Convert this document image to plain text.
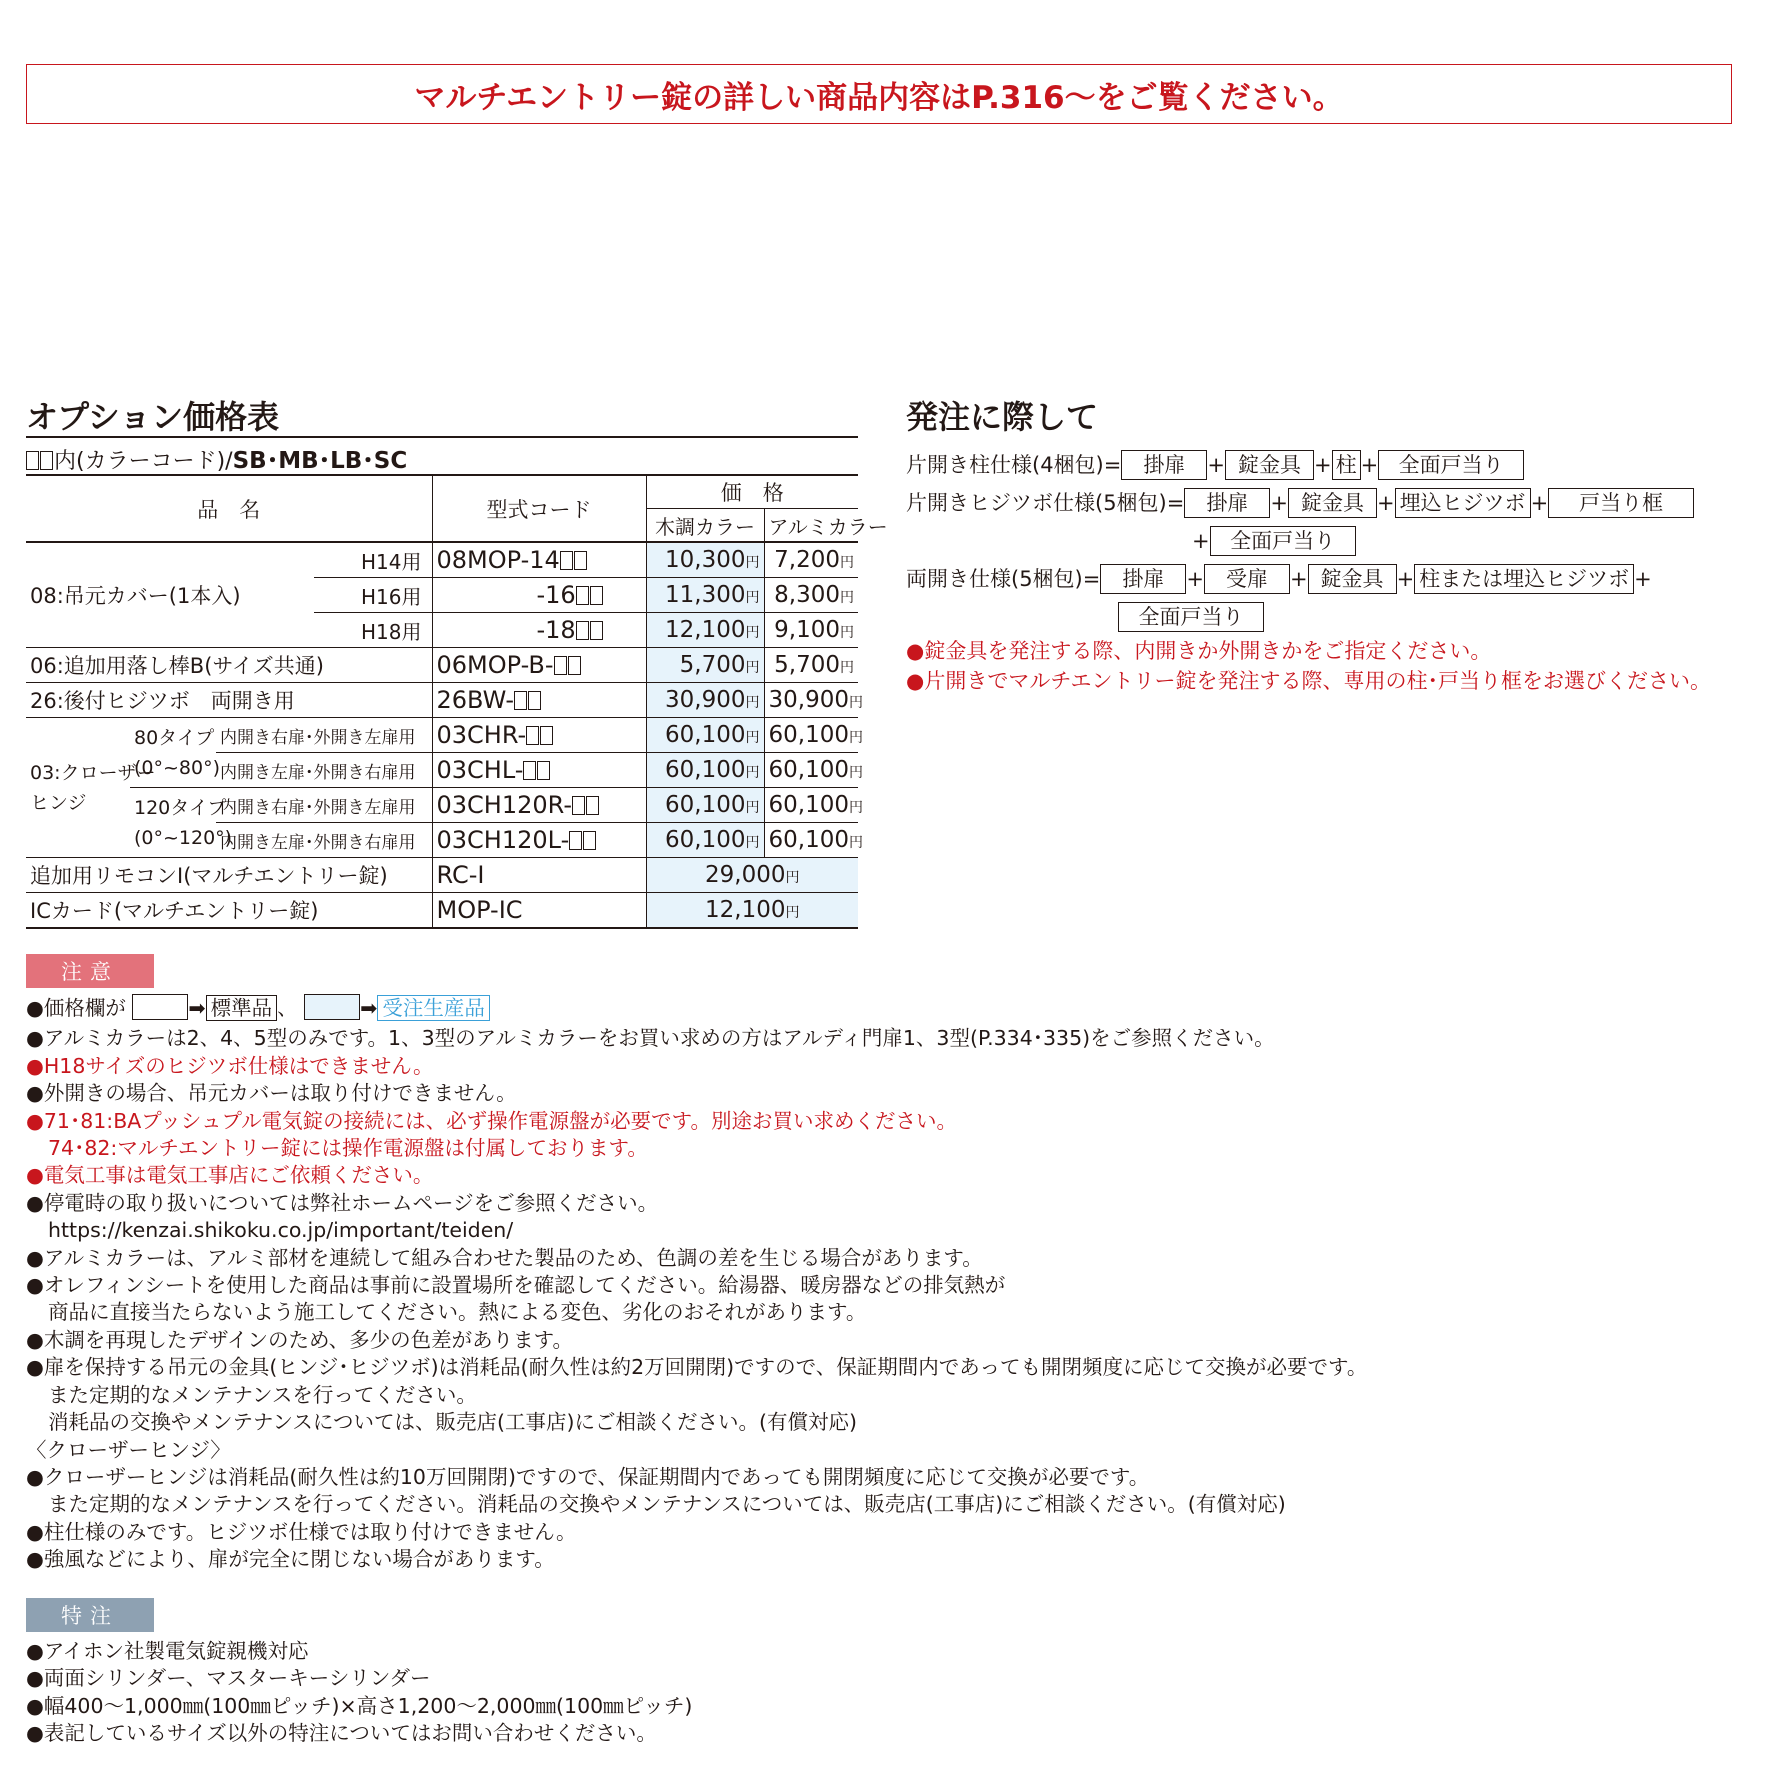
マルチエントリー錠の詳しい商品内容はP.316～をご覧ください。
オプション価格表
内(カラーコード)/SB･MB･LB･SC
品　名				型式コード	価　格	
					木調カラー	アルミカラー
08:吊元カバー(1本入)			H14用	08MOP-14	10,300円	7,200円
			H16用	-16	11,300円	8,300円
			H18用	-18	12,100円	9,100円
06:追加用落し棒B(サイズ共通)				06MOP-B-	5,700円	5,700円
26:後付ヒジツボ　両開き用				26BW-	30,900円	30,900円
03:クローザー
ヒンジ	80タイプ
(0°~80°)	内開き右扉･外開き左扉用		03CHR-	60,100円	60,100円
		内開き左扉･外開き右扉用		03CHL-	60,100円	60,100円
	120タイプ
(0°~120°)	内開き右扉･外開き左扉用		03CH120R-	60,100円	60,100円
		内開き左扉･外開き右扉用		03CH120L-	60,100円	60,100円
追加用リモコンI(マルチエントリー錠)				RC-I	29,000円	
ICカード(マルチエントリー錠)				MOP-IC	12,100円	
発注に際して
片開き柱仕様(4梱包)= 掛扉 + 錠金具 + 柱 + 全面戸当り
片開きヒジツボ仕様(5梱包)= 掛扉 + 錠金具 + 埋込ヒジツボ + 戸当り框
+ 全面戸当り
両開き仕様(5梱包)= 掛扉 + 受扉 + 錠金具 + 柱または埋込ヒジツボ +
全面戸当り
●錠金具を発注する際、内開きか外開きかをご指定ください。
●片開きでマルチエントリー錠を発注する際、専用の柱･戸当り框をお選びください。
注意
●価格欄が	➡ 標準品 、	➡ 受注生産品
●アルミカラーは2、4、5型のみです。1、3型のアルミカラーをお買い求めの方はアルディ門扉1、3型(P.334･335)をご参照ください。
●H18サイズのヒジツボ仕様はできません。
●外開きの場合、吊元カバーは取り付けできません。
●71･81:BAプッシュプル電気錠の接続には、必ず操作電源盤が必要です。別途お買い求めください。
74･82:マルチエントリー錠には操作電源盤は付属しております。
●電気工事は電気工事店にご依頼ください。
●停電時の取り扱いについては弊社ホームページをご参照ください。
https://kenzai.shikoku.co.jp/important/teiden/
●アルミカラーは、アルミ部材を連続して組み合わせた製品のため、色調の差を生じる場合があります。
●オレフィンシートを使用した商品は事前に設置場所を確認してください。給湯器、暖房器などの排気熱が
商品に直接当たらないよう施工してください。熱による変色、劣化のおそれがあります。
●木調を再現したデザインのため、多少の色差があります。
●扉を保持する吊元の金具(ヒンジ･ヒジツボ)は消耗品(耐久性は約2万回開閉)ですので、保証期間内であっても開閉頻度に応じて交換が必要です。
また定期的なメンテナンスを行ってください。
消耗品の交換やメンテナンスについては、販売店(工事店)にご相談ください。(有償対応)
〈クローザーヒンジ〉
●クローザーヒンジは消耗品(耐久性は約10万回開閉)ですので、保証期間内であっても開閉頻度に応じて交換が必要です。
また定期的なメンテナンスを行ってください。消耗品の交換やメンテナンスについては、販売店(工事店)にご相談ください。(有償対応)
●柱仕様のみです。ヒジツボ仕様では取り付けできません。
●強風などにより、扉が完全に閉じない場合があります。
特注
●アイホン社製電気錠親機対応
●両面シリンダー、マスターキーシリンダー
●幅400～1,000㎜(100㎜ピッチ)×高さ1,200～2,000㎜(100㎜ピッチ)
●表記しているサイズ以外の特注についてはお問い合わせください。
